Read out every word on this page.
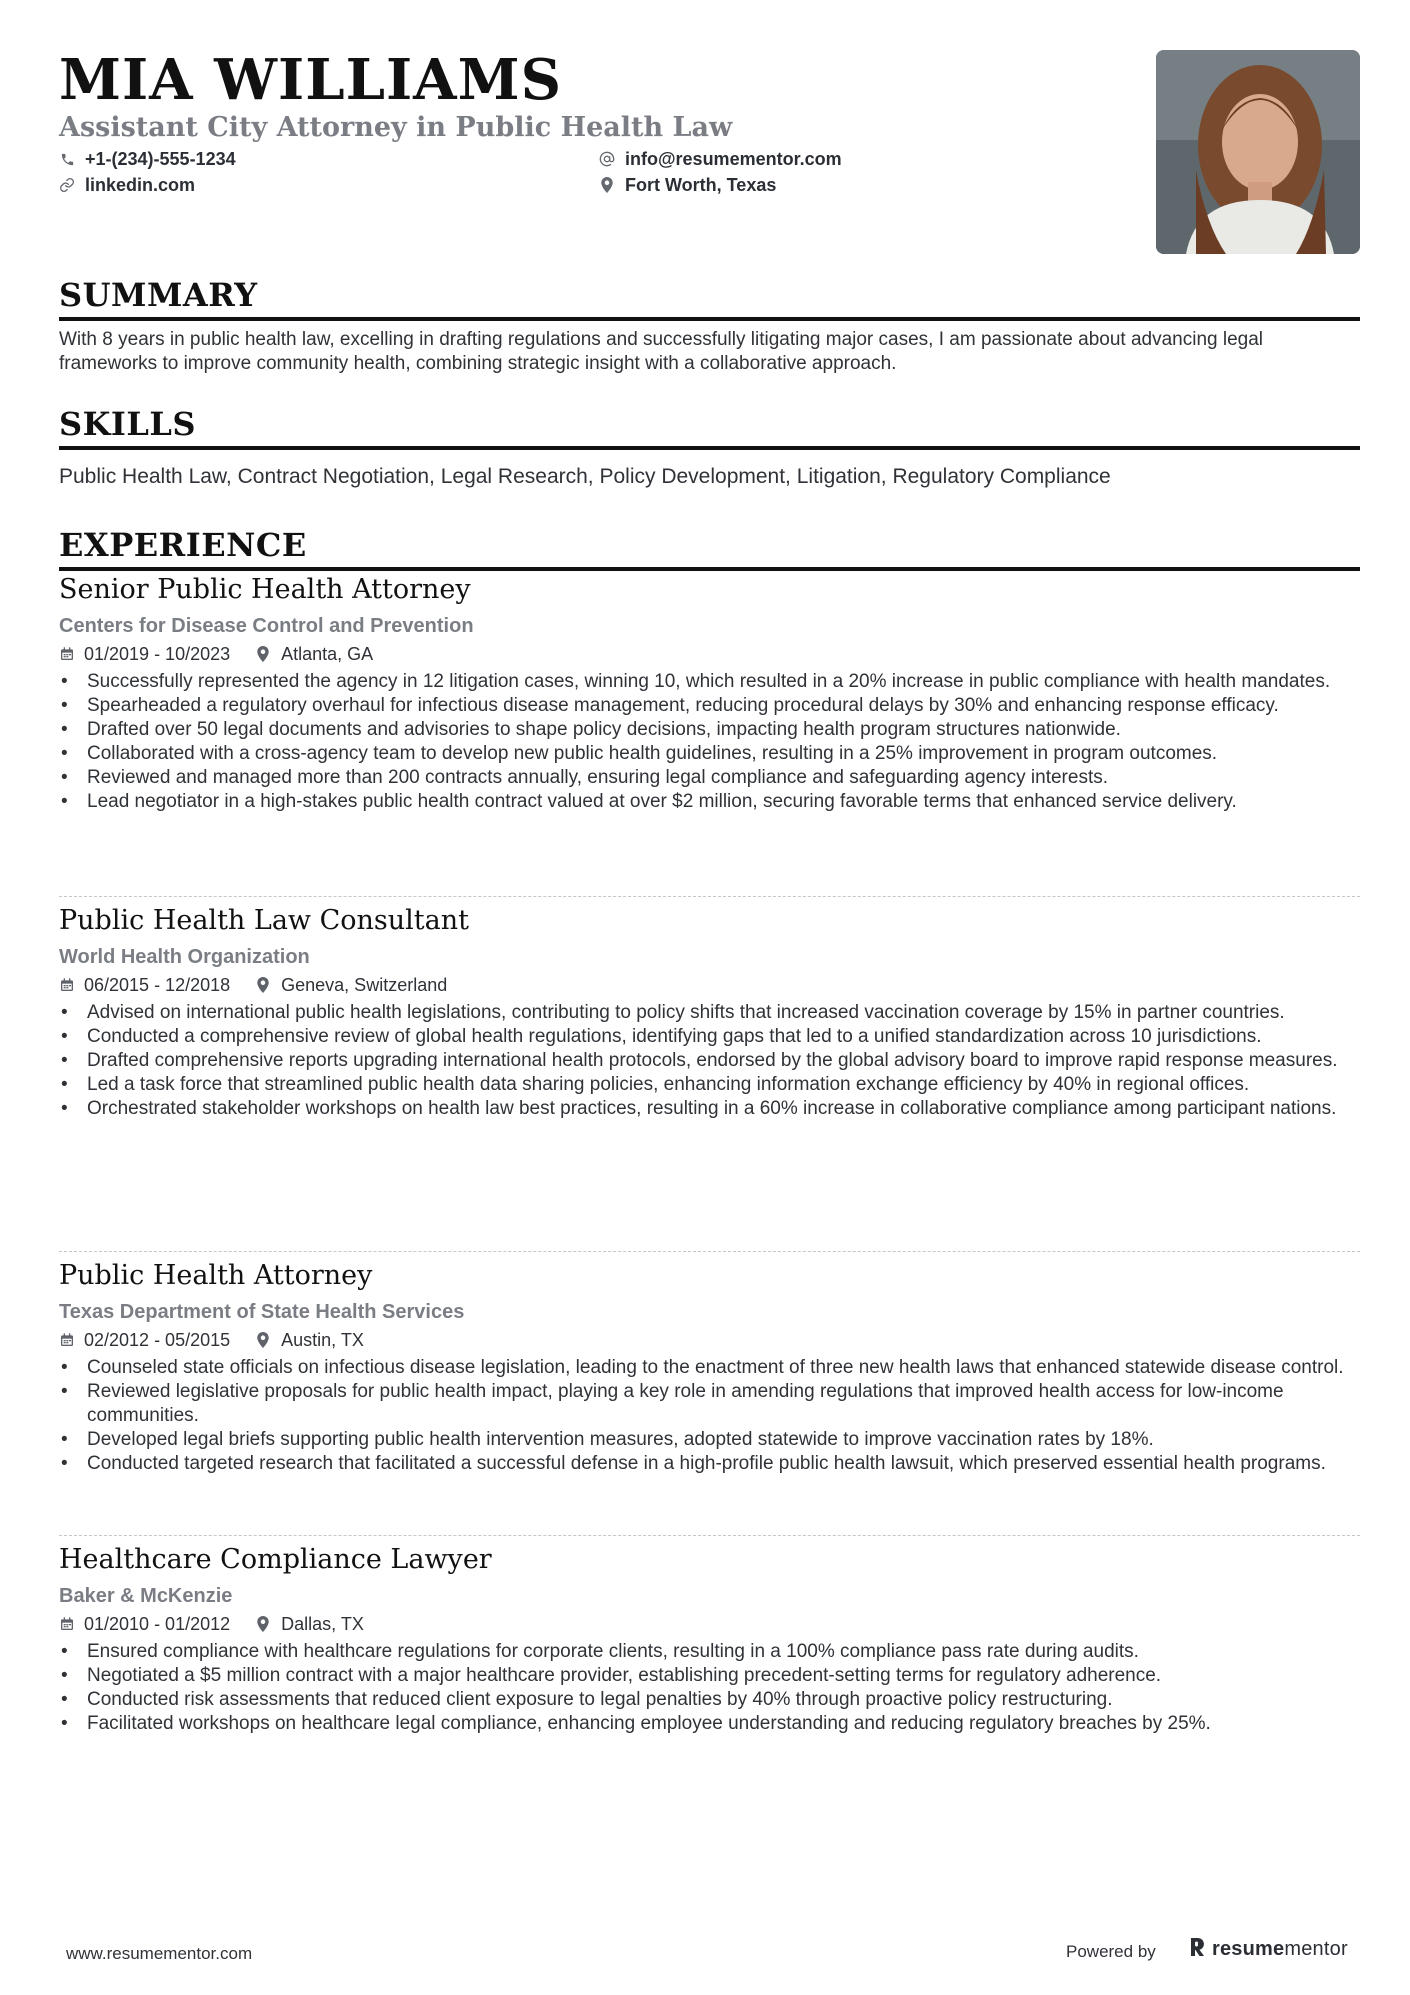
MIA WILLIAMS
Assistant City Attorney in Public Health Law
+1-(234)-555-1234	info@resumementor.com
linkedin.com	Fort Worth, Texas
SUMMARY

With 8 years in public health law, excelling in drafting regulations and successfully litigating major cases, I am passionate about advancing legal frameworks to improve community health, combining strategic insight with a collaborative approach.

SKILLS

Public Health Law, Contract Negotiation, Legal Research, Policy Development, Litigation, Regulatory Compliance

EXPERIENCE
Senior Public Health Attorney
Centers for Disease Control and Prevention
01/2019 - 10/2023	Atlanta, GA
• Successfully represented the agency in 12 litigation cases, winning 10, which resulted in a 20% increase in public compliance with health mandates.
• Spearheaded a regulatory overhaul for infectious disease management, reducing procedural delays by 30% and enhancing response efficacy.
• Drafted over 50 legal documents and advisories to shape policy decisions, impacting health program structures nationwide.
• Collaborated with a cross-agency team to develop new public health guidelines, resulting in a 25% improvement in program outcomes.
• Reviewed and managed more than 200 contracts annually, ensuring legal compliance and safeguarding agency interests.
• Lead negotiator in a high-stakes public health contract valued at over $2 million, securing favorable terms that enhanced service delivery.
Public Health Law Consultant
World Health Organization
06/2015 - 12/2018	Geneva, Switzerland
• Advised on international public health legislations, contributing to policy shifts that increased vaccination coverage by 15% in partner countries.
• Conducted a comprehensive review of global health regulations, identifying gaps that led to a unified standardization across 10 jurisdictions.
• Drafted comprehensive reports upgrading international health protocols, endorsed by the global advisory board to improve rapid response measures.
• Led a task force that streamlined public health data sharing policies, enhancing information exchange efficiency by 40% in regional offices.
• Orchestrated stakeholder workshops on health law best practices, resulting in a 60% increase in collaborative compliance among participant nations.
Public Health Attorney
Texas Department of State Health Services
02/2012 - 05/2015	Austin, TX
• Counseled state officials on infectious disease legislation, leading to the enactment of three new health laws that enhanced statewide disease control.
• Reviewed legislative proposals for public health impact, playing a key role in amending regulations that improved health access for low-income communities.
• Developed legal briefs supporting public health intervention measures, adopted statewide to improve vaccination rates by 18%.
• Conducted targeted research that facilitated a successful defense in a high-profile public health lawsuit, which preserved essential health programs.
Healthcare Compliance Lawyer
Baker & McKenzie
01/2010 - 01/2012	Dallas, TX
• Ensured compliance with healthcare regulations for corporate clients, resulting in a 100% compliance pass rate during audits.
• Negotiated a $5 million contract with a major healthcare provider, establishing precedent-setting terms for regulatory adherence.
• Conducted risk assessments that reduced client exposure to legal penalties by 40% through proactive policy restructuring.
• Facilitated workshops on healthcare legal compliance, enhancing employee understanding and reducing regulatory breaches by 25%.
www.resumementor.com	Powered by	resumementor
